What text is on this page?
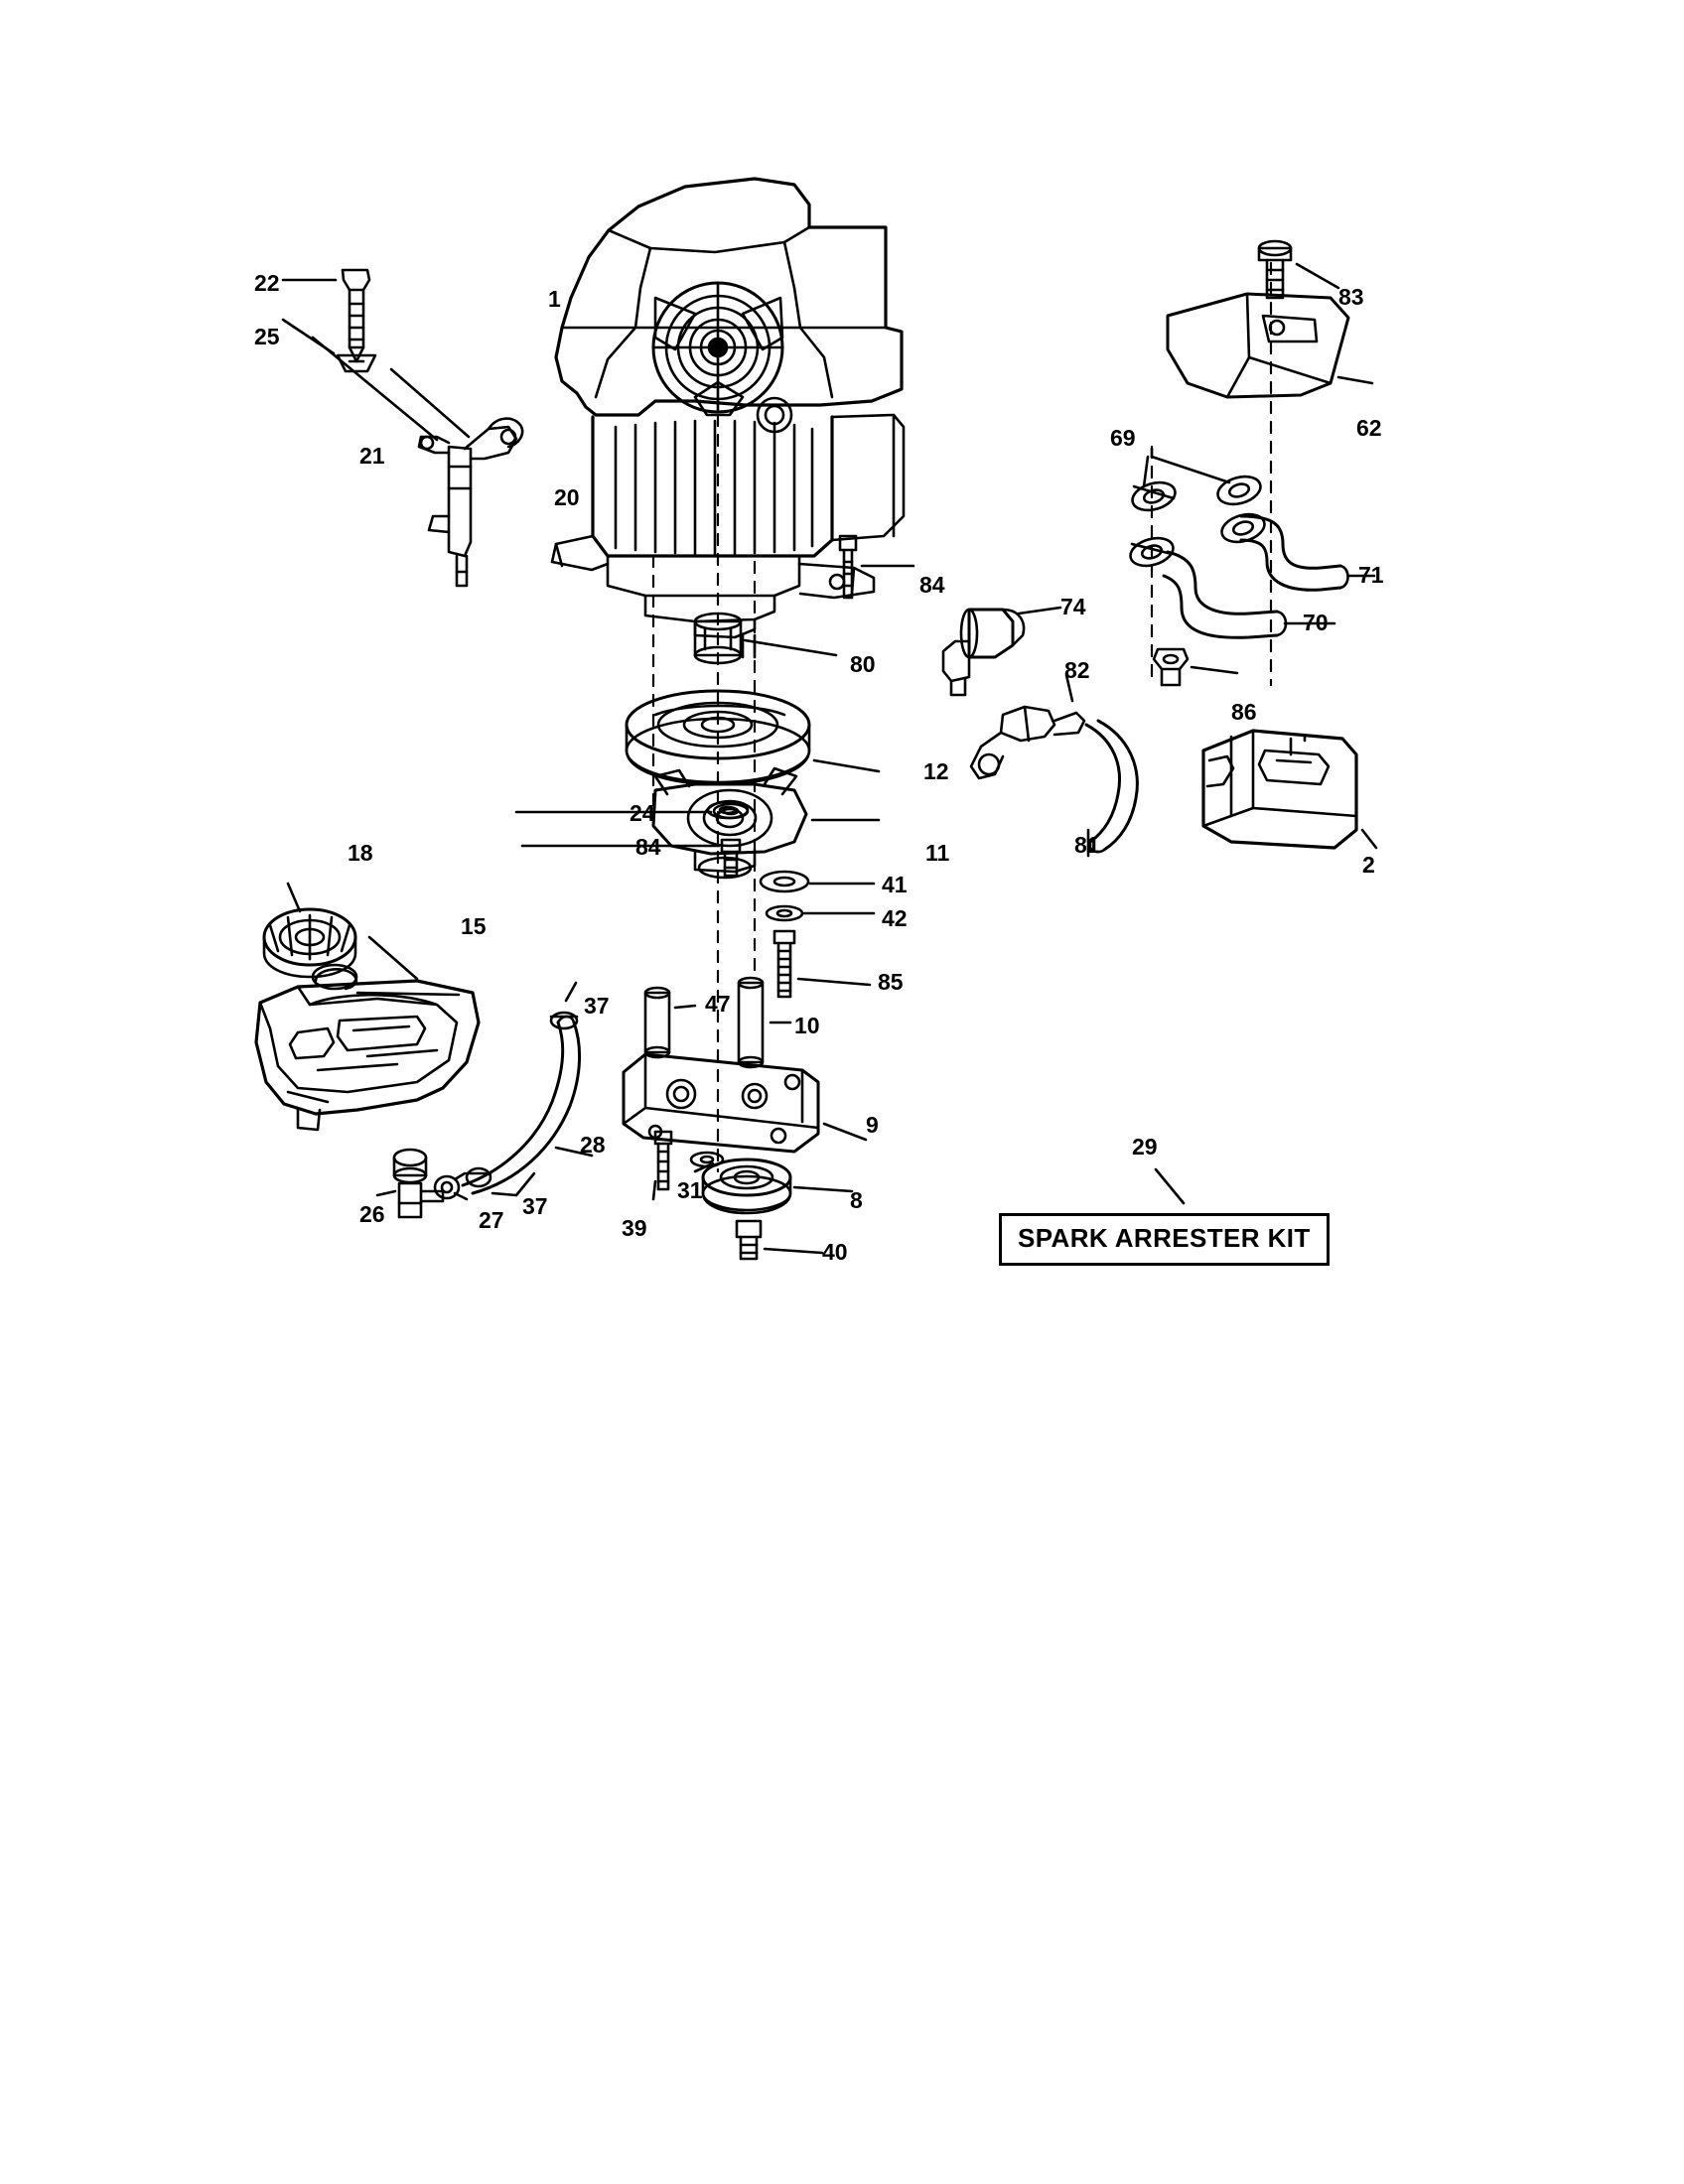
22
25
1	83
62
21
69
20
71
84
70
74
80	82
86
12
2
24
11	81
84
41
42
18
15
85
47
10
37
9
28	29
31	8
37
26	27	39
40	SPARK ARRESTER KIT
